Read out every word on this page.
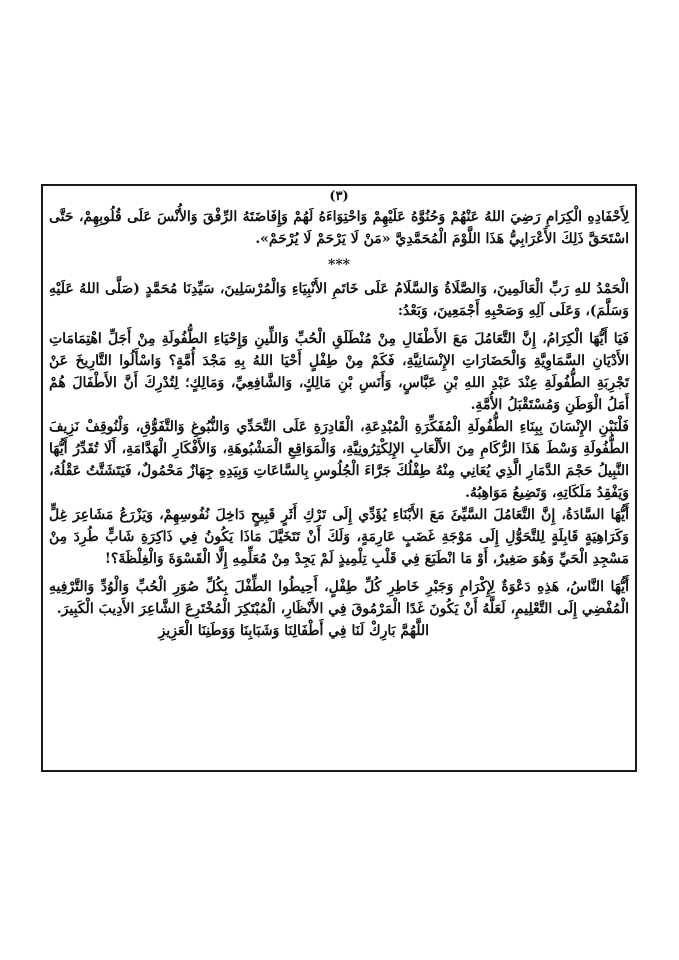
(٣)

لِأَحْفَادِهِ الْكِرَامِ رَضِيَ اللهُ عَنْهُمْ وَحُنُوَّهُ عَلَيْهِمْ وَاحْتِوَاءَهُ لَهُمْ وَإِفَاضَتَهُ الرِّفْقَ وَالأُنْسَ عَلَى قُلُوبِهِمْ، حَتَّى اسْتَحَقَّ ذَلِكَ الأَعْرَابِيُّ هَذَا اللَّوْمَ الْمُحَمَّدِيَّ «مَنْ لَا يَرْحَمْ لَا يُرْحَمْ».

***

الْحَمْدُ للهِ رَبِّ الْعَالَمِينَ، وَالصَّلَاةُ وَالسَّلَامُ عَلَى خَاتَمِ الأَنْبِيَاءِ وَالْمُرْسَلِينَ، سَيِّدِنَا مُحَمَّدٍ (صَلَّى اللهُ عَلَيْهِ وَسَلَّمَ)، وَعَلَى آلِهِ وَصَحْبِهِ أَجْمَعِينَ، وَبَعْدُ:

فَيَا أَيُّهَا الْكِرَامُ، إِنَّ التَّعَامُلَ مَعَ الأَطْفَالِ مِنْ مُنْطَلَقِ الْحُبِّ وَاللِّينِ وَإِحْيَاءِ الطُّفُولَةِ مِنْ أَجَلِّ اهْتِمَامَاتِ الأَدْيَانِ السَّمَاوِيَّةِ وَالْحَضَارَاتِ الإِنْسَانِيَّةِ، فَكَمْ مِنْ طِفْلٍ أَحْيَا اللهُ بِهِ مَجْدَ أُمَّةٍ؟ وَاسْأَلُوا التَّارِيخَ عَنْ تَجْرِبَةِ الطُّفُولَةِ عِنْدَ عَبْدِ اللهِ بْنِ عَبَّاسٍ، وَأَنَسِ بْنِ مَالِكٍ، وَالشَّافِعِيِّ، وَمَالِكٍ؛ لِتُدْرِكَ أَنَّ الأَطْفَالَ هُمْ أَمَلُ الْوَطَنِ وَمُسْتَقْبَلُ الأُمَّةِ.

فَلْنَبْنِ الإِنْسَانَ بِبِنَاءِ الطُّفُولَةِ الْمُفَكِّرَةِ الْمُبْدِعَةِ، الْقَادِرَةِ عَلَى التَّحَدِّي وَالنُّبُوغِ وَالتَّفَوُّقِ، وَلْنُوقِفْ نَزِيفَ الطُّفُولَةِ وَسْطَ هَذَا الرُّكَامِ مِنَ الأَلْعَابِ الإِلِكْتِرُونِيَّةِ، وَالْمَوَاقِعِ الْمَشْبُوهَةِ، وَالأَفْكَارِ الْهَدَّامَةِ، أَلَا تُقَدِّرُ أَيُّهَا النَّبِيلُ حَجْمَ الدَّمَارِ الَّذِي يُعَانِي مِنْهُ طِفْلُكَ جَرَّاءَ الْجُلُوسِ بِالسَّاعَاتِ وَبِيَدِهِ جِهَازٌ مَحْمُولٌ، فَيَتَشَتَّتُ عَقْلُهُ، وَيَفْقِدُ مَلَكَاتِهِ، وَتَضِيعُ مَوَاهِبُهُ.

أَيُّهَا السَّادَةُ، إِنَّ التَّعَامُلَ السَّيِّئَ مَعَ الأَبْنَاءِ يُؤَدِّي إِلَى تَرْكِ أَثَرٍ قَبِيحٍ دَاخِلَ نُفُوسِهِمْ، وَيَزْرَعُ مَشَاعِرَ غِلٍّ وَكَرَاهِيَةٍ قَابِلَةٍ لِلتَّحَوُّلِ إِلَى مَوْجَةِ غَضَبٍ عَارِمَةٍ، وَلَكَ أَنْ تَتَخَيَّلَ مَاذَا يَكُونُ فِي ذَاكِرَةِ شَابٍّ طُرِدَ مِنْ مَسْجِدِ الْحَيِّ وَهُوَ صَغِيرٌ، أَوْ مَا انْطَبَعَ فِي قَلْبِ تِلْمِيذٍ لَمْ يَجِدْ مِنْ مُعَلِّمِهِ إِلَّا الْقَسْوَةَ وَالْغِلْظَةَ؟!

أَيُّهَا النَّاسُ، هَذِهِ دَعْوَةٌ لِإِكْرَامِ وَجَبْرِ خَاطِرِ كُلِّ طِفْلٍ، أَحِيطُوا الطِّفْلَ بِكُلِّ صُوَرِ الْحُبِّ وَالْوُدِّ وَالتَّرْفِيهِ الْمُفْضِي إِلَى التَّعْلِيمِ، لَعَلَّهُ أَنْ يَكُونَ غَدًا الْمَرْمُوقَ فِي الأَنْظَارِ، الْمُبْتَكِرَ الْمُخْتَرِعَ الشَّاعِرَ الأَدِيبَ الْكَبِيرَ.

اللَّهُمَّ بَارِكْ لَنَا فِي أَطْفَالِنَا وَشَبَابِنَا وَوَطَنِنَا الْعَزِيزِ
